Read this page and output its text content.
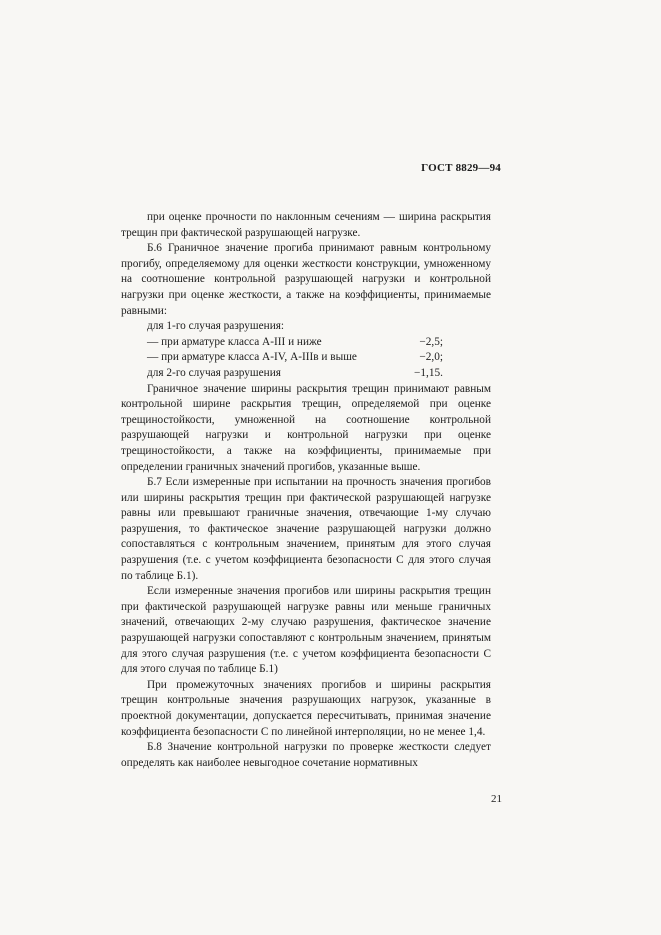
ГОСТ 8829—94

при оценке прочности по наклонным сечениям — ширина раскрытия трещин при фактической разрушающей нагрузке.

Б.6 Граничное значение прогиба принимают равным контрольному прогибу, определяемому для оценки жесткости конструкции, умноженному на соотношение контрольной разрушающей нагрузки и контрольной нагрузки при оценке жесткости, а также на коэффициенты, принимаемые равными:

для 1-го случая разрушения:

— при арматуре класса А-III и ниже	−2,5;
— при арматуре класса A-IV, А-IIIв и выше	−2,0;
для 2-го случая разрушения	−1,15.

Граничное значение ширины раскрытия трещин принимают равным контрольной ширине раскрытия трещин, определяемой при оценке трещиностойкости, умноженной на соотношение контрольной разрушающей нагрузки и контрольной нагрузки при оценке трещиностойкости, а также на коэффициенты, принимаемые при определении граничных значений прогибов, указанные выше.

Б.7 Если измеренные при испытании на прочность значения прогибов или ширины раскрытия трещин при фактической разрушающей нагрузке равны или превышают граничные значения, отвечающие 1-му случаю разрушения, то фактическое значение разрушающей нагрузки должно сопоставляться с контрольным значением, принятым для этого случая разрушения (т.е. с учетом коэффициента безопасности С для этого случая по таблице Б.1).

Если измеренные значения прогибов или ширины раскрытия трещин при фактической разрушающей нагрузке равны или меньше граничных значений, отвечающих 2-му случаю разрушения, фактическое значение разрушающей нагрузки сопоставляют с контрольным значением, принятым для этого случая разрушения (т.е. с учетом коэффициента безопасности С для этого случая по таблице Б.1)

При промежуточных значениях прогибов и ширины раскрытия трещин контрольные значения разрушающих нагрузок, указанные в проектной документации, допускается пересчитывать, принимая значение коэффициента безопасности С по линейной интерполяции, но не менее 1,4.

Б.8 Значение контрольной нагрузки по проверке жесткости следует определять как наиболее невыгодное сочетание нормативных

21
